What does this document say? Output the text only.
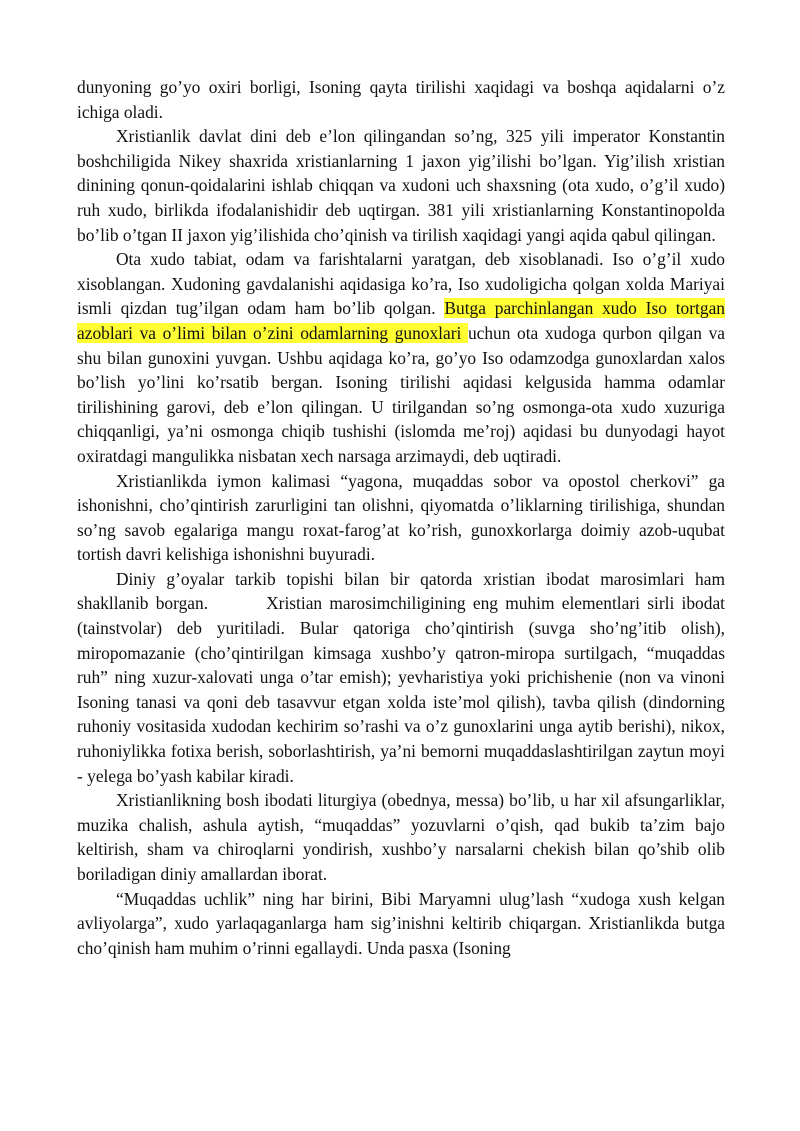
dunyoning go’yo oxiri borligi, Isoning qayta tirilishi xaqidagi va boshqa aqidalarni o’z ichiga oladi.

Xristianlik davlat dini deb e’lon qilingandan so’ng, 325 yili imperator Konstantin boshchiligida Nikey shaxrida xristianlarning 1 jaxon yig’ilishi bo’lgan. Yig’ilish xristian dinining qonun-qoidalarini ishlab chiqqan va xudoni uch shaxsning (ota xudo, o’g’il xudo) ruh xudo, birlikda ifodalanishidir deb uqtirgan. 381 yili xristianlarning Konstantinopolda bo’lib o’tgan II jaxon yig’ilishida cho’qinish va tirilish xaqidagi yangi aqida qabul qilingan.

Ota xudo tabiat, odam va farishtalarni yaratgan, deb xisoblanadi. Iso o’g’il xudo xisoblangan. Xudoning gavdalanishi aqidasiga ko’ra, Iso xudoligicha qolgan xolda Mariyai ismli qizdan tug’ilgan odam ham bo’lib qolgan. Butga parchinlangan xudo Iso tortgan azoblari va o’limi bilan o’zini odamlarning gunoxlari uchun ota xudoga qurbon qilgan va shu bilan gunoxini yuvgan. Ushbu aqidaga ko’ra, go’yo Iso odamzodga gunoxlardan xalos bo’lish yo’lini ko’rsatib bergan. Isoning tirilishi aqidasi kelgusida hamma odamlar tirilishining garovi, deb e’lon qilingan. U tirilgandan so’ng osmonga-ota xudo xuzuriga chiqqanligi, ya’ni osmonga chiqib tushishi (islomda me’roj) aqidasi bu dunyodagi hayot oxiratdagi mangulikka nisbatan xech narsaga arzimaydi, deb uqtiradi.

Xristianlikda iymon kalimasi “yagona, muqaddas sobor va opostol cherkovi” ga ishonishni, cho’qintirish zarurligini tan olishni, qiyomatda o’liklarning tirilishiga, shundan so’ng savob egalariga mangu roxat-farog’at ko’rish, gunoxkorlarga doimiy azob-uqubat tortish davri kelishiga ishonishni buyuradi.

Diniy g’oyalar tarkib topishi bilan bir qatorda xristian ibodat marosimlari ham shakllanib borgan.        Xristian marosimchiligining eng muhim elementlari sirli ibodat (tainstvolar) deb yuritiladi. Bular qatoriga cho’qintirish (suvga sho’ng’itib olish), miropomazanie (cho’qintirilgan kimsaga xushbo’y qatron-miropa surtilgach, “muqaddas ruh” ning xuzur-xalovati unga o’tar emish); yevharistiya yoki prichishenie (non va vinoni Isoning tanasi va qoni deb tasavvur etgan xolda iste’mol qilish), tavba qilish (dindorning ruhoniy vositasida xudodan kechirim so’rashi va o’z gunoxlarini unga aytib berishi), nikox, ruhoniylikka fotixa berish, soborlashtirish, ya’ni bemorni muqaddaslashtirilgan zaytun moyi - yelega bo’yash kabilar kiradi.

Xristianlikning bosh ibodati liturgiya (obednya, messa) bo’lib, u har xil afsungarliklar, muzika chalish, ashula aytish, “muqaddas” yozuvlarni o’qish, qad bukib ta’zim bajo keltirish, sham va chiroqlarni yondirish, xushbo’y narsalarni chekish bilan qo’shib olib boriladigan diniy amallardan iborat.

“Muqaddas uchlik” ning har birini, Bibi Maryamni ulug’lash “xudoga xush kelgan avliyolarga”, xudo yarlaqaganlarga ham sig’inishni keltirib chiqargan. Xristianlikda butga cho’qinish ham muhim o’rinni egallaydi. Unda pasxa (Isoning
